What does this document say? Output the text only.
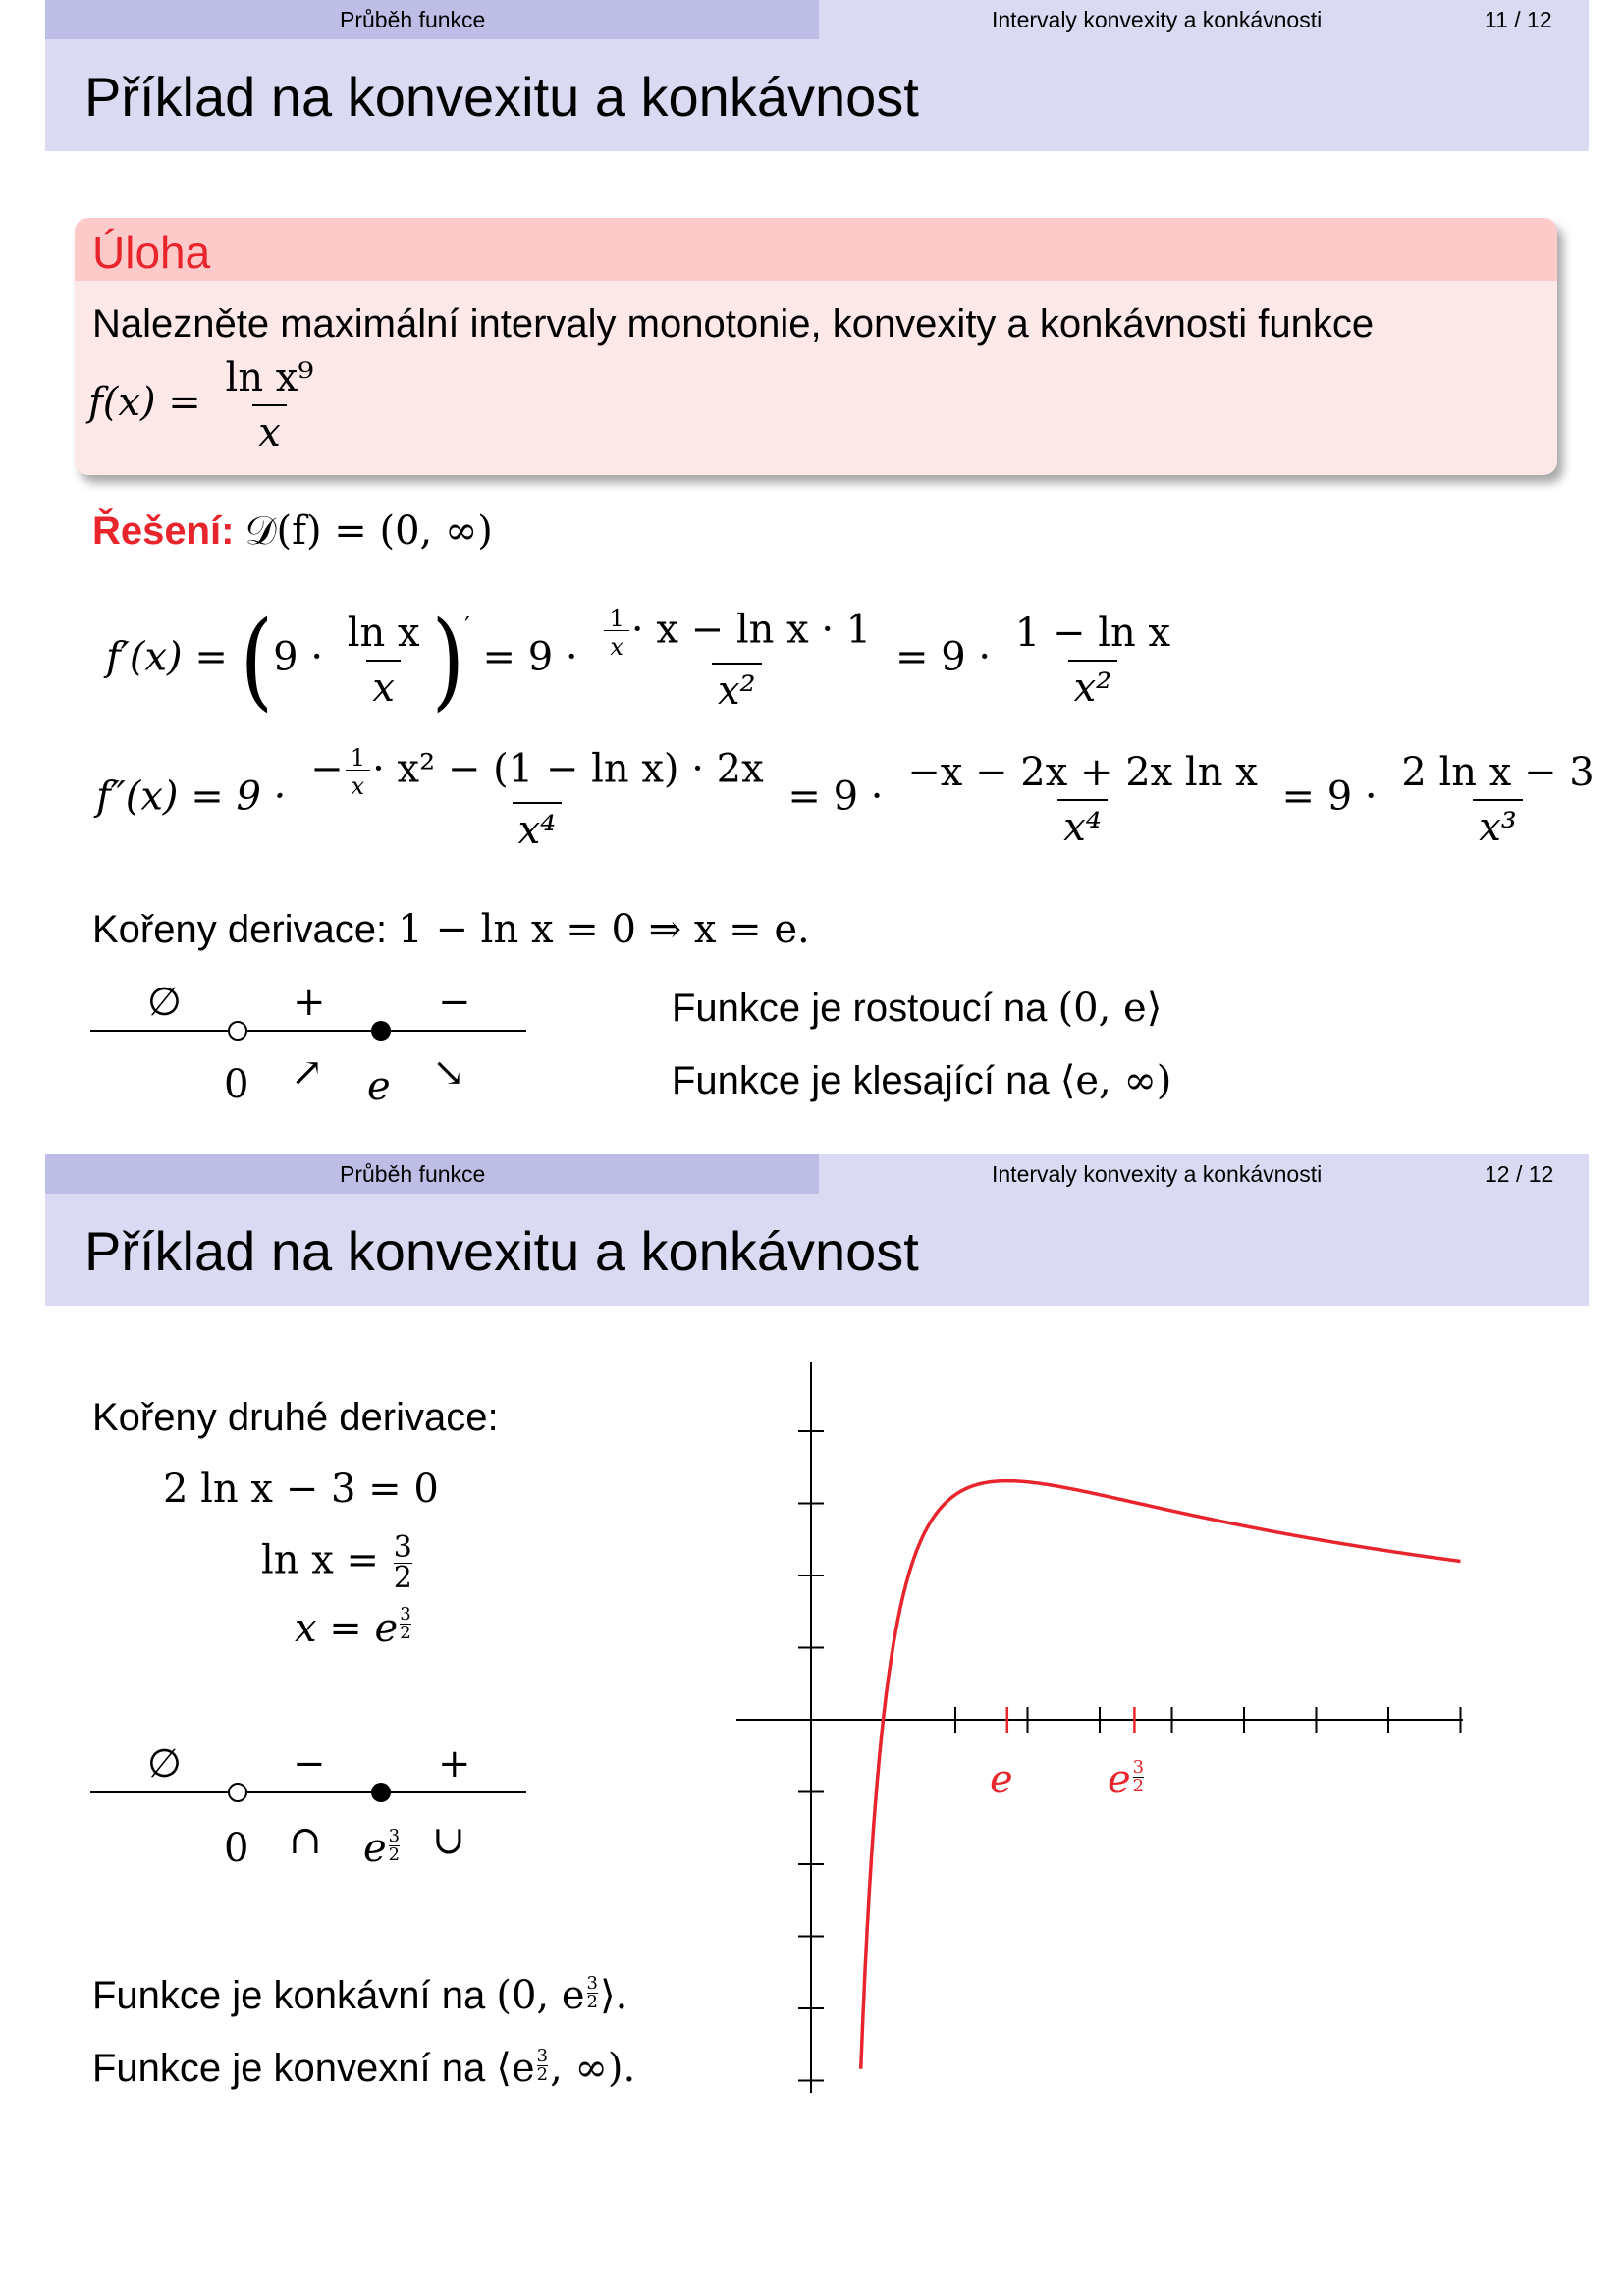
Průběh funkce	Intervaly konvexity a konkávnosti	11 / 12
Příklad na konvexitu a konkávnost
Úloha
Nalezněte maximální intervaly monotonie, konvexity a konkávnosti funkce
$f(x) = \frac{\text{ln x⁹}}{x}$
Řešení: 𝒟(f) = (0, ∞)
$f'(x) = (9 \cdot \frac{\text{ln x}}{x} )' = 9 \cdot \frac{\frac{1}{x} \cdot x - \ln x \cdot 1}{\text{x²}} = 9 \cdot \frac{\text{1 − ln x}}{\text{x²}}$
$f''(x) = 9 \cdot \frac{- \frac{1}{x} \cdot x^2 - (1 - \ln x) \cdot 2x}{\text{x⁴}} = 9 \cdot \frac{\text{−x − 2x + 2x ln x}}{\text{x⁴}} = 9 \cdot \frac{\text{2 ln x − 3}}{\text{x³}}$
Kořeny derivace: 1 − ln x = 0 ⇒ x = e.
∅	+	−
0 ↗ e ↘
Funkce je rostoucí na (0, e⟩
Funkce je klesající na ⟨e, ∞)
Průběh funkce	Intervaly konvexity a konkávnosti	12 / 12
Příklad na konvexitu a konkávnost
Kořeny druhé derivace:
2 ln x − 3 = 0
$\ln x = \frac{3}{2}$
x = e $\frac{3}{2}$
∅	−	+
0 ∩ e $\frac{3}{2}$ ∪
Funkce je konkávní na (0, e $\frac{3}{2}$ ⟩.
Funkce je konvexní na ⟨e $\frac{3}{2}$ , ∞).
e e $\frac{3}{2}$
